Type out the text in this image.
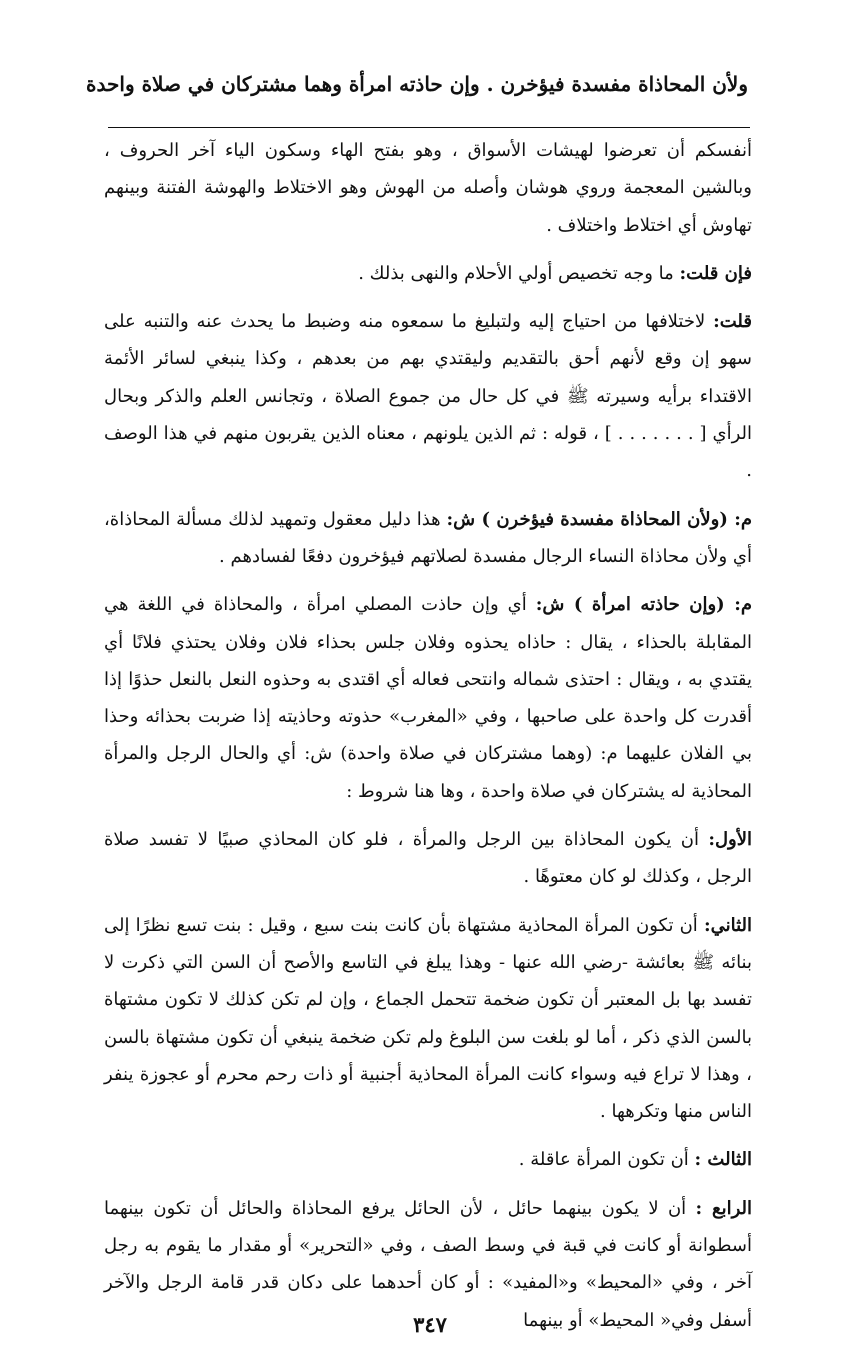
ولأن المحاذاة مفسدة فيؤخرن . وإن حاذته امرأة وهما مشتركان في صلاة واحدة

أنفسكم أن تعرضوا لهيشات الأسواق ، وهو بفتح الهاء وسكون الياء آخر الحروف ، وبالشين المعجمة وروي هوشان وأصله من الهوش وهو الاختلاط والهوشة الفتنة وبينهم تهاوش أي اختلاط واختلاف .

فإن قلت: ما وجه تخصيص أولي الأحلام والنهى بذلك .

قلت: لاختلافها من احتياج إليه ولتبليغ ما سمعوه منه وضبط ما يحدث عنه والتنبه على سهو إن وقع لأنهم أحق بالتقديم وليقتدي بهم من بعدهم ، وكذا ينبغي لسائر الأئمة الاقتداء برأيه وسيرته ﷺ في كل حال من جموع الصلاة ، وتجانس العلم والذكر وبحال الرأي [ . . . . . . . ] ، قوله : ثم الذين يلونهم ، معناه الذين يقربون منهم في هذا الوصف .

م: (ولأن المحاذاة مفسدة فيؤخرن ) ش: هذا دليل معقول وتمهيد لذلك مسألة المحاذاة، أي ولأن محاذاة النساء الرجال مفسدة لصلاتهم فيؤخرون دفعًا لفسادهم .

م: (وإن حاذته امرأة ) ش: أي وإن حاذت المصلي امرأة ، والمحاذاة في اللغة هي المقابلة بالحذاء ، يقال : حاذاه يحذوه وفلان جلس بحذاء فلان وفلان يحتذي فلانًا أي يقتدي به ، ويقال : احتذى شماله وانتحى فعاله أي اقتدى به وحذوه النعل بالنعل حذوًا إذا أقدرت كل واحدة على صاحبها ، وفي «المغرب» حذوته وحاذيته إذا ضربت بحذائه وحذا بي الفلان عليهما م: (وهما مشتركان في صلاة واحدة) ش: أي والحال الرجل والمرأة المحاذية له يشتركان في صلاة واحدة ، وها هنا شروط :

الأول: أن يكون المحاذاة بين الرجل والمرأة ، فلو كان المحاذي صبيًا لا تفسد صلاة الرجل ، وكذلك لو كان معتوهًا .

الثاني: أن تكون المرأة المحاذية مشتهاة بأن كانت بنت سبع ، وقيل : بنت تسع نظرًا إلى بنائه ﷺ بعائشة -رضي الله عنها - وهذا يبلغ في التاسع والأصح أن السن التي ذكرت لا تفسد بها بل المعتبر أن تكون ضخمة تتحمل الجماع ، وإن لم تكن كذلك لا تكون مشتهاة بالسن الذي ذكر ، أما لو بلغت سن البلوغ ولم تكن ضخمة ينبغي أن تكون مشتهاة بالسن ، وهذا لا تراع فيه وسواء كانت المرأة المحاذية أجنبية أو ذات رحم محرم أو عجوزة ينفر الناس منها وتكرهها .

الثالث : أن تكون المرأة عاقلة .

الرابع : أن لا يكون بينهما حائل ، لأن الحائل يرفع المحاذاة والحائل أن تكون بينهما أسطوانة أو كانت في قبة في وسط الصف ، وفي «التحرير» أو مقدار ما يقوم به رجل آخر ، وفي «المحيط» و«المفيد» : أو كان أحدهما على دكان قدر قامة الرجل والآخر أسفل وفي« المحيط» أو بينهما

٣٤٧
